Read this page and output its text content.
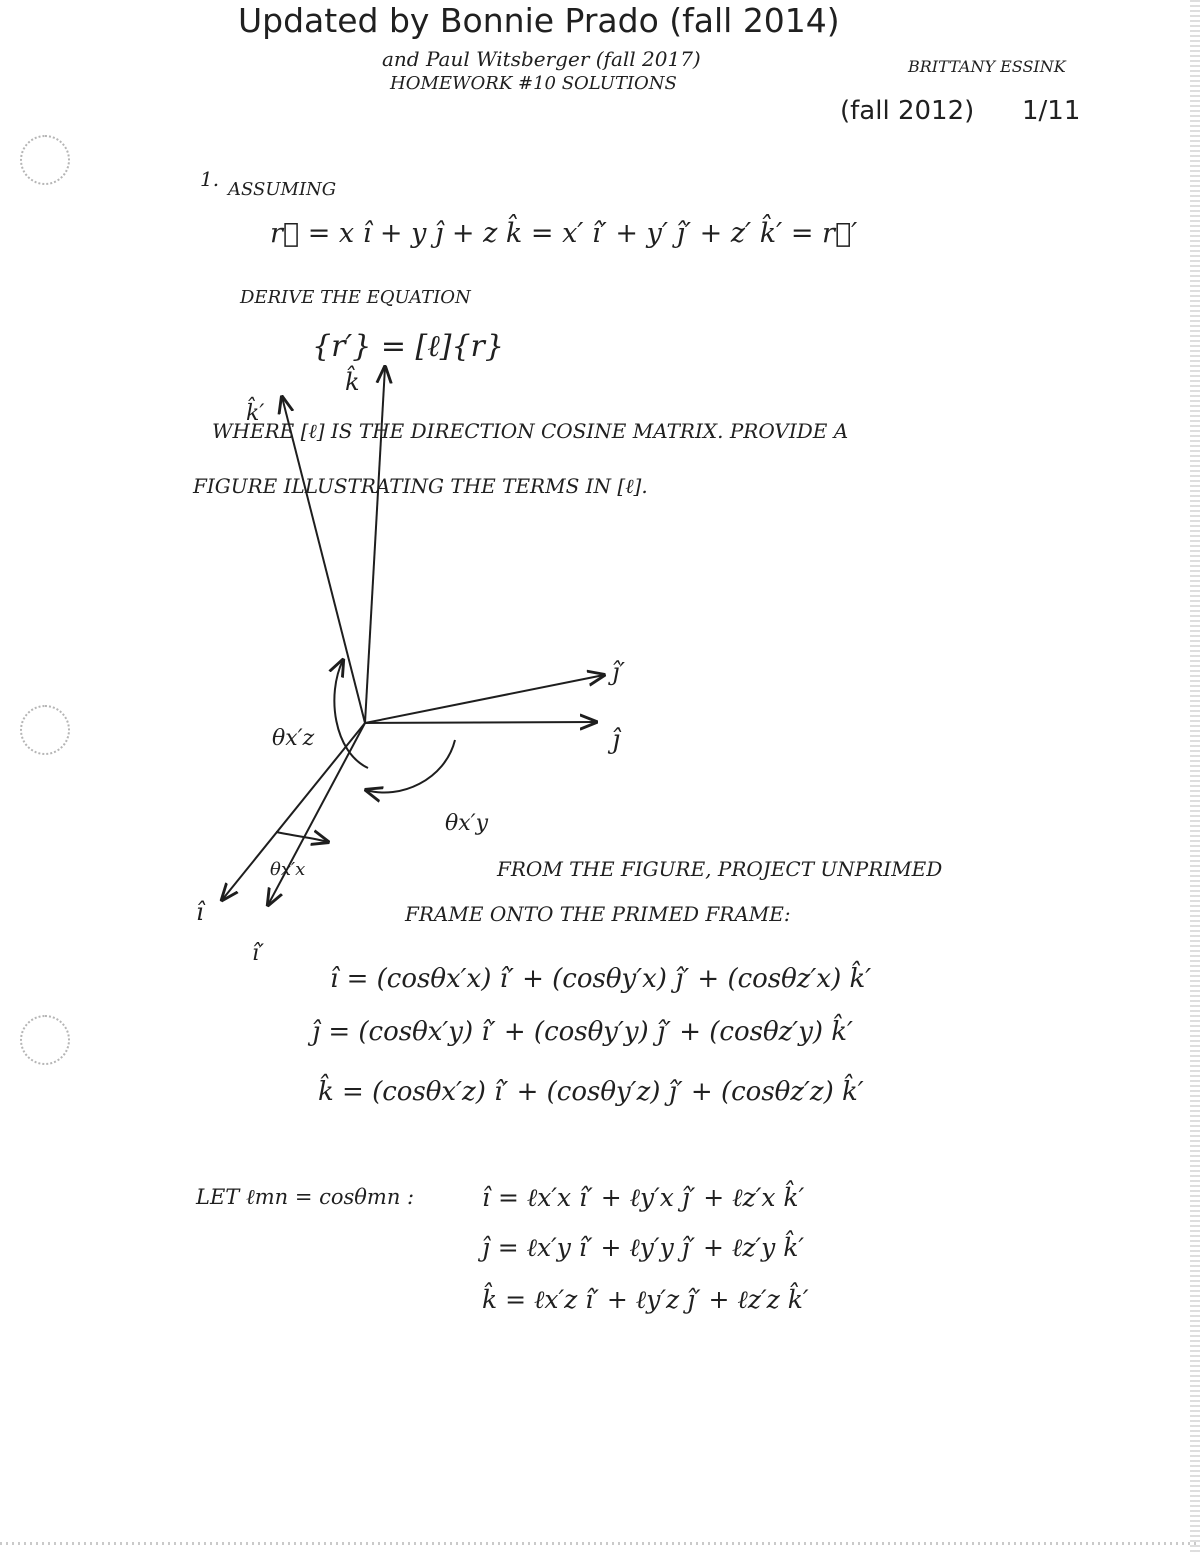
Updated by Bonnie Prado (fall 2014)
and Paul Witsberger (fall 2017)
HOMEWORK #10 SOLUTIONS
BRITTANY ESSINK
(fall 2012) 1/11
1. ASSUMING
r⃗ = x î + y ĵ + z k̂ = x′ î′ + y′ ĵ′ + z′ k̂′ = r⃗′
DERIVE THE EQUATION
{r′} = [ℓ]{r}
WHERE [ℓ] IS THE DIRECTION COSINE MATRIX. PROVIDE A
FIGURE ILLUSTRATING THE TERMS IN [ℓ].
k̂
k̂′
ĵ′
ĵ
î
î′
θx′z
θx′y
θx′x	FROM THE FIGURE, PROJECT UNPRIMED
FRAME ONTO THE PRIMED FRAME:
î = (cosθx′x) î′ + (cosθy′x) ĵ′ + (cosθz′x) k̂′
ĵ = (cosθx′y) î′ + (cosθy′y) ĵ′ + (cosθz′y) k̂′
k̂ = (cosθx′z) î′ + (cosθy′z) ĵ′ + (cosθz′z) k̂′
LET ℓmn = cosθmn :	î = ℓx′x î′ + ℓy′x ĵ′ + ℓz′x k̂′
ĵ = ℓx′y î′ + ℓy′y ĵ′ + ℓz′y k̂′
k̂ = ℓx′z î′ + ℓy′z ĵ′ + ℓz′z k̂′
